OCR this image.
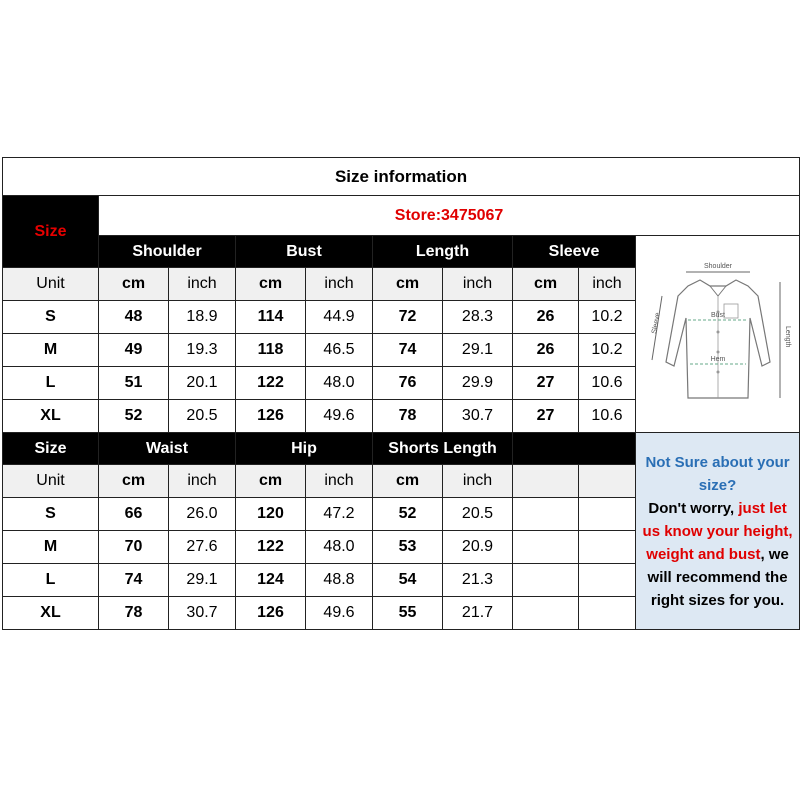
Size information									
Size	Store:3475067								
	Shoulder		Bust		Length		Sleeve		Shoulder
Bust
Hem
Sleeve
Length

Unit	cm	inch	cm	inch	cm	inch	cm	inch	
S	48	18.9	114	44.9	72	28.3	26	10.2	
M	49	19.3	118	46.5	74	29.1	26	10.2	
L	51	20.1	122	48.0	76	29.9	27	10.6	
XL	52	20.5	126	49.6	78	30.7	27	10.6	
Size	Waist		Hip		Shorts Length				Not Sure about your size?
Don't worry, just let us know your height, weight and bust, we will recommend the right sizes for you.
Unit	cm	inch	cm	inch	cm	inch			
S	66	26.0	120	47.2	52	20.5			
M	70	27.6	122	48.0	53	20.9			
L	74	29.1	124	48.8	54	21.3			
XL	78	30.7	126	49.6	55	21.7			
